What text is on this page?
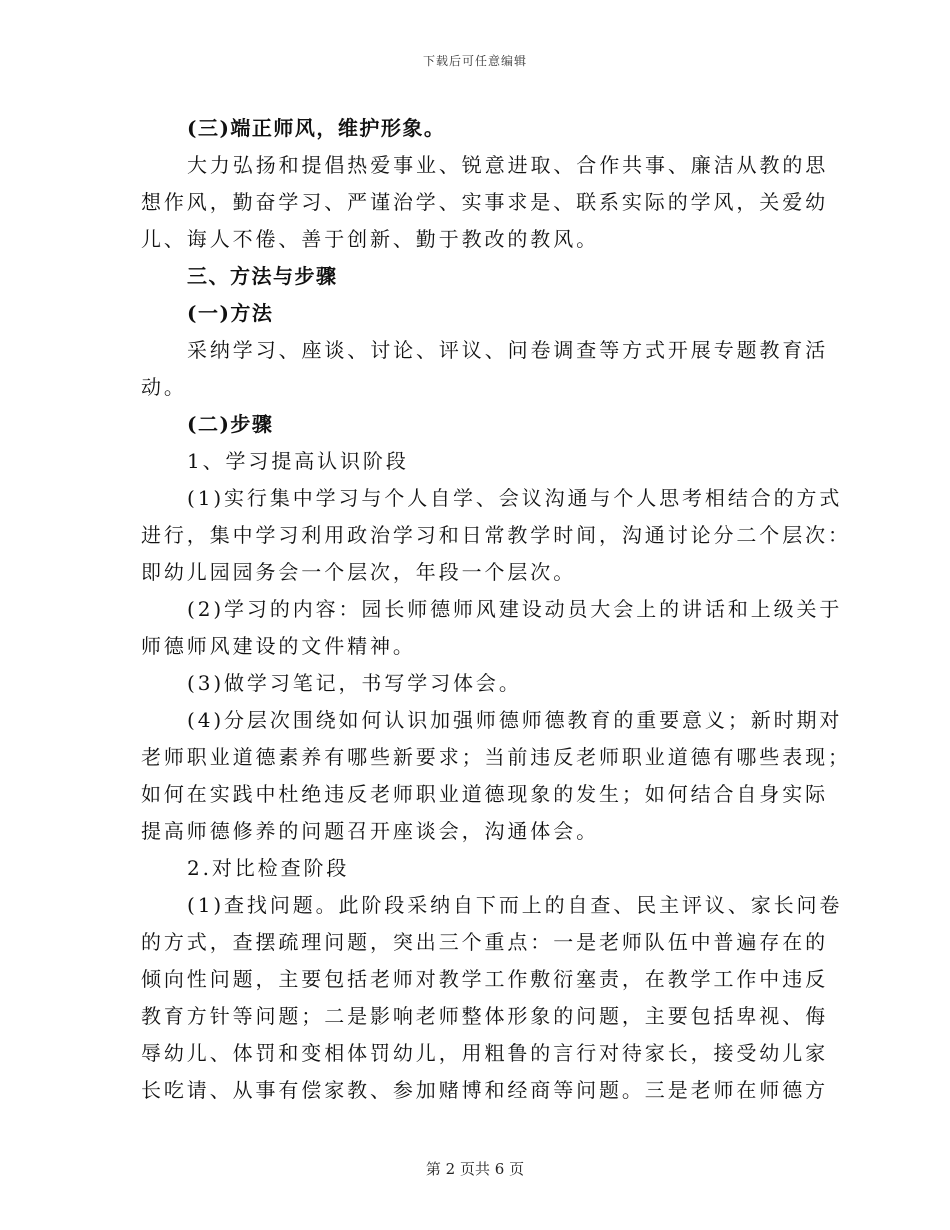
下载后可任意编辑
(三)端正师风，维护形象。
大力弘扬和提倡热爱事业、锐意进取、合作共事、廉洁从教的思
想作风，勤奋学习、严谨治学、实事求是、联系实际的学风，关爱幼
儿、诲人不倦、善于创新、勤于教改的教风。
三、方法与步骤
(一)方法
采纳学习、座谈、讨论、评议、问卷调查等方式开展专题教育活
动。
(二)步骤
1、学习提高认识阶段
(1)实行集中学习与个人自学、会议沟通与个人思考相结合的方式
进行，集中学习利用政治学习和日常教学时间，沟通讨论分二个层次：
即幼儿园园务会一个层次，年段一个层次。
(2)学习的内容：园长师德师风建设动员大会上的讲话和上级关于
师德师风建设的文件精神。
(3)做学习笔记，书写学习体会。
(4)分层次围绕如何认识加强师德师德教育的重要意义；新时期对
老师职业道德素养有哪些新要求；当前违反老师职业道德有哪些表现；
如何在实践中杜绝违反老师职业道德现象的发生；如何结合自身实际
提高师德修养的问题召开座谈会，沟通体会。
2.对比检查阶段
(1)查找问题。此阶段采纳自下而上的自查、民主评议、家长问卷
的方式，查摆疏理问题，突出三个重点：一是老师队伍中普遍存在的
倾向性问题，主要包括老师对教学工作敷衍塞责，在教学工作中违反
教育方针等问题；二是影响老师整体形象的问题，主要包括卑视、侮
辱幼儿、体罚和变相体罚幼儿，用粗鲁的言行对待家长，接受幼儿家
长吃请、从事有偿家教、参加赌博和经商等问题。三是老师在师德方
第 2 页共 6 页
